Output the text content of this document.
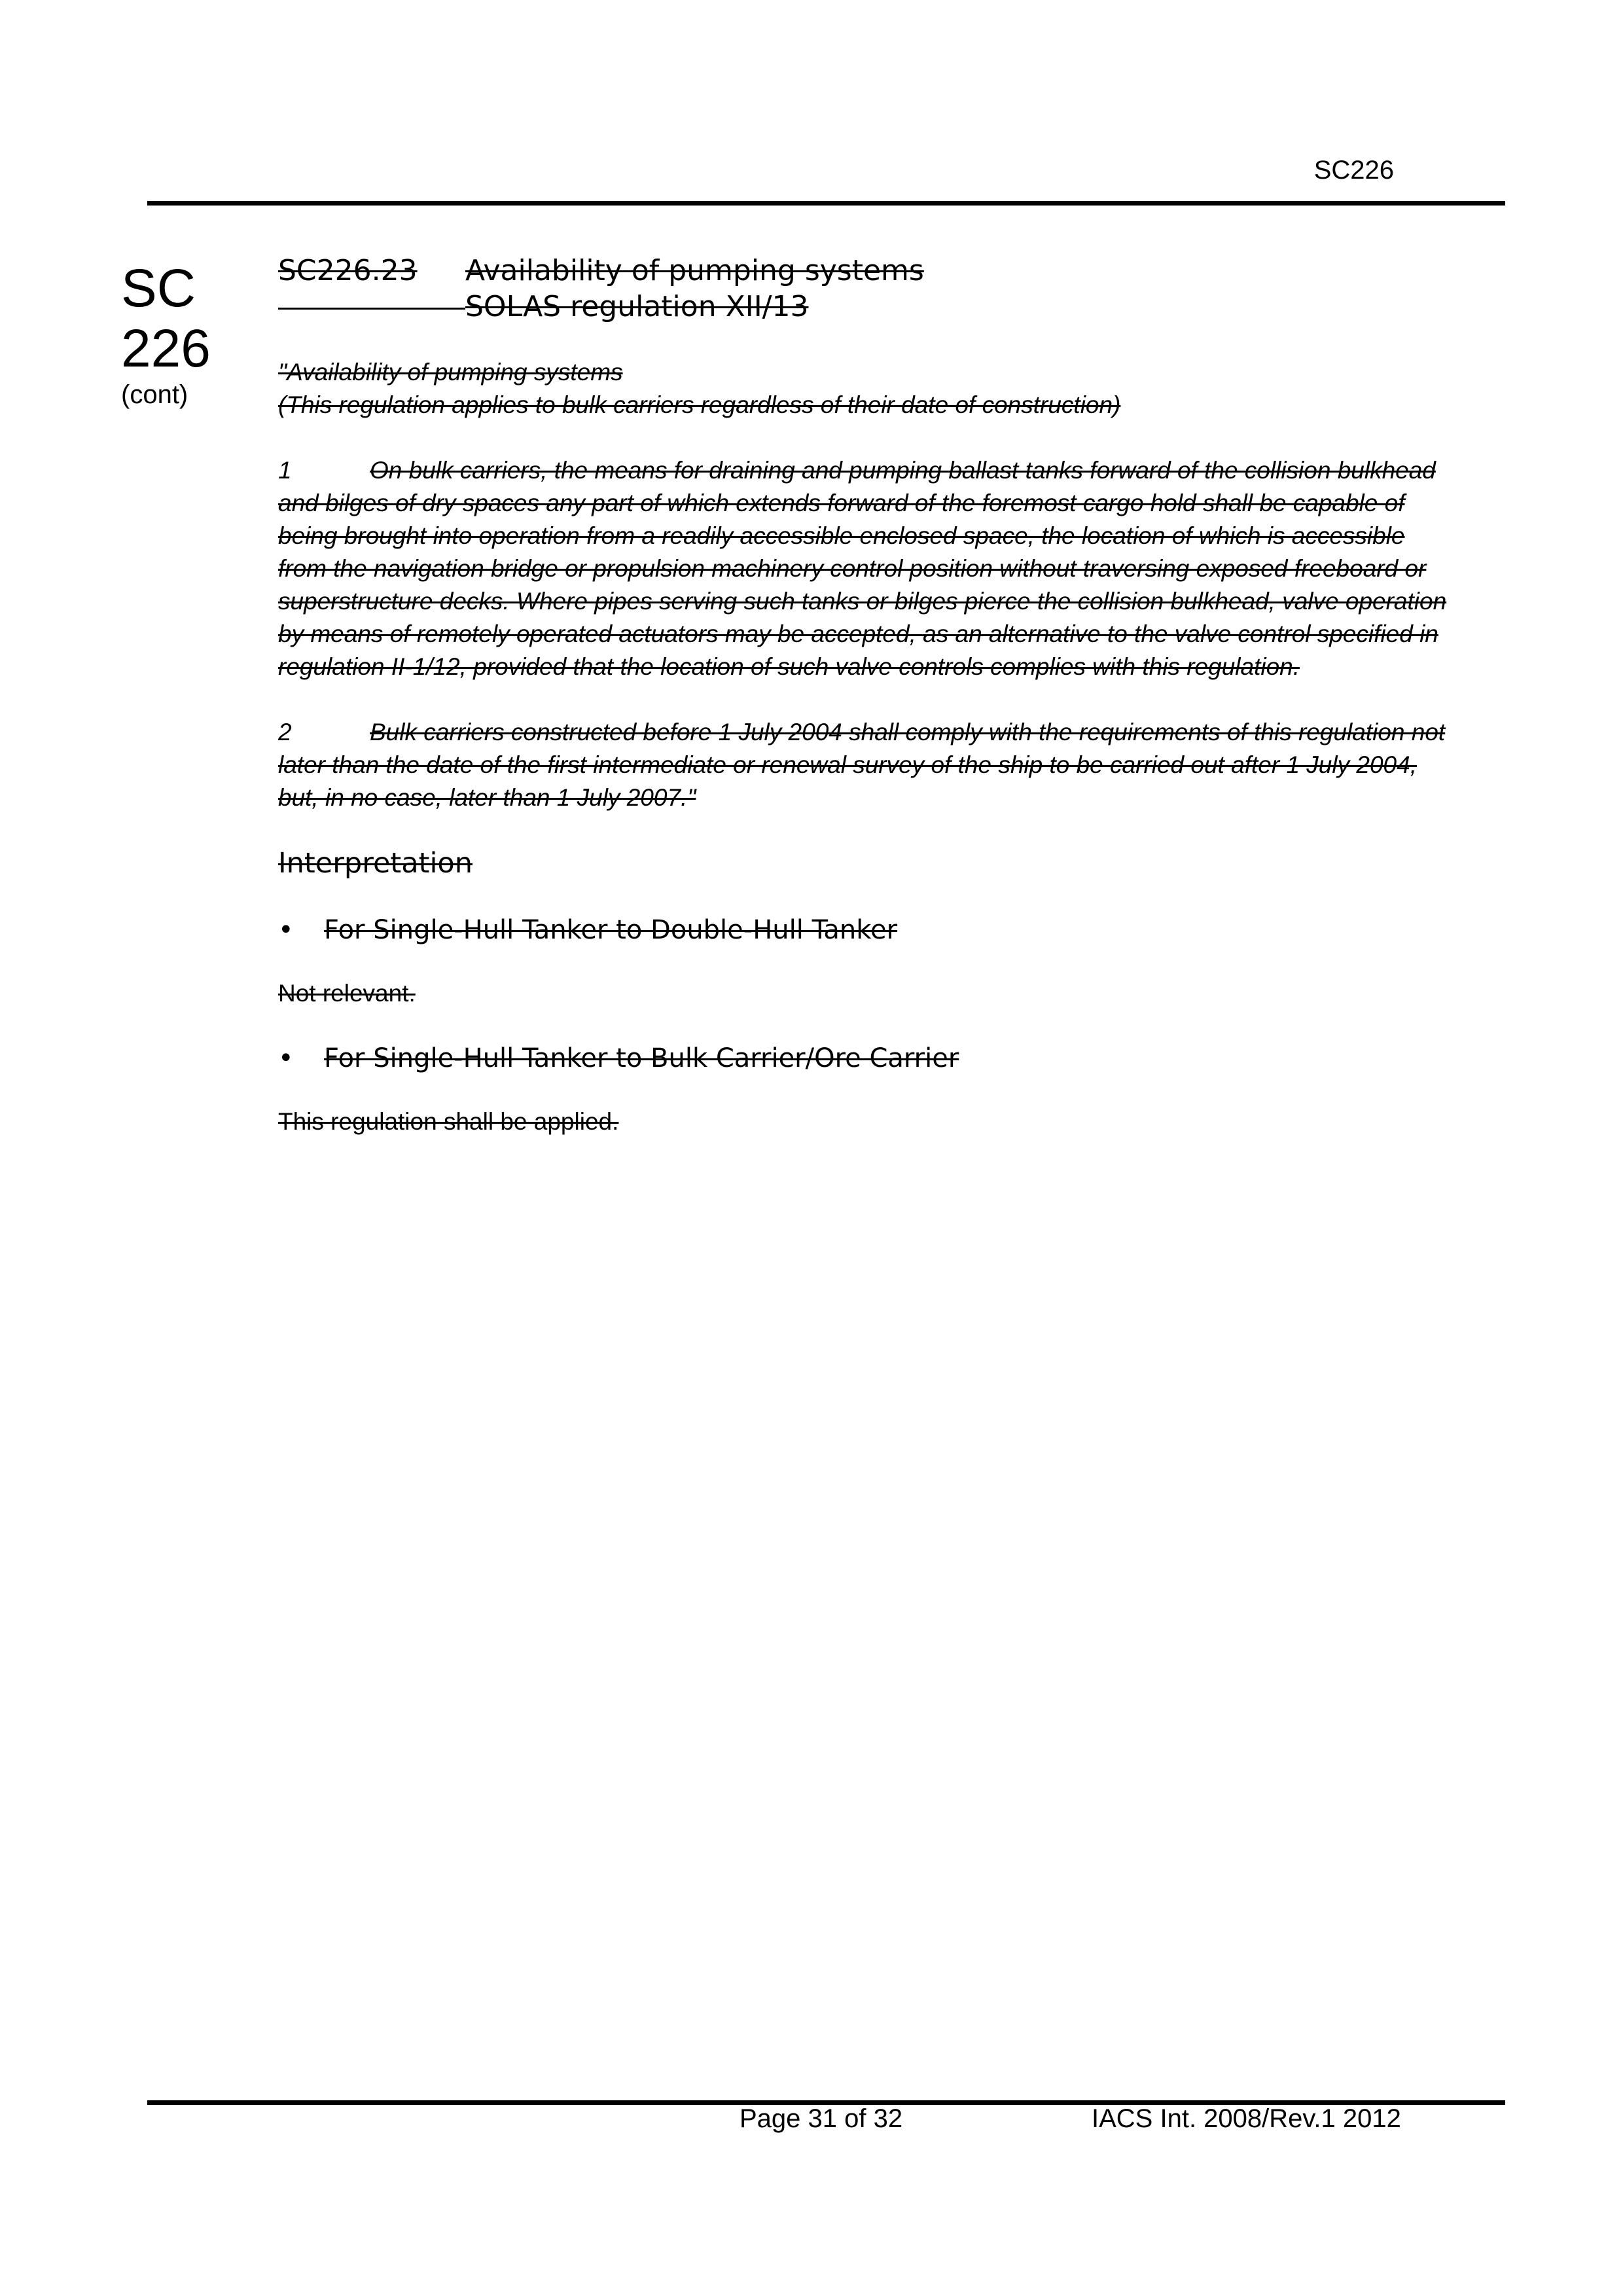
SC226
SC
226
(cont)
SC226.23	Availability of pumping systems
SOLAS regulation XII/13
"Availability of pumping systems
(This regulation applies to bulk carriers regardless of their date of construction)
1	On bulk carriers, the means for draining and pumping ballast tanks forward of the collision bulkhead and bilges of dry spaces any part of which extends forward of the foremost cargo hold shall be capable of being brought into operation from a readily accessible enclosed space, the location of which is accessible from the navigation bridge or propulsion machinery control position without traversing exposed freeboard or superstructure decks. Where pipes serving such tanks or bilges pierce the collision bulkhead, valve operation by means of remotely operated actuators may be accepted, as an alternative to the valve control specified in regulation II-1/12, provided that the location of such valve controls complies with this regulation.
2	Bulk carriers constructed before 1 July 2004 shall comply with the requirements of this regulation not later than the date of the first intermediate or renewal survey of the ship to be carried out after 1 July 2004, but, in no case, later than 1 July 2007."
Interpretation
• For Single-Hull Tanker to Double-Hull Tanker
Not relevant.
• For Single-Hull Tanker to Bulk Carrier/Ore Carrier
This regulation shall be applied.
Page 31 of 32	IACS Int. 2008/Rev.1 2012
